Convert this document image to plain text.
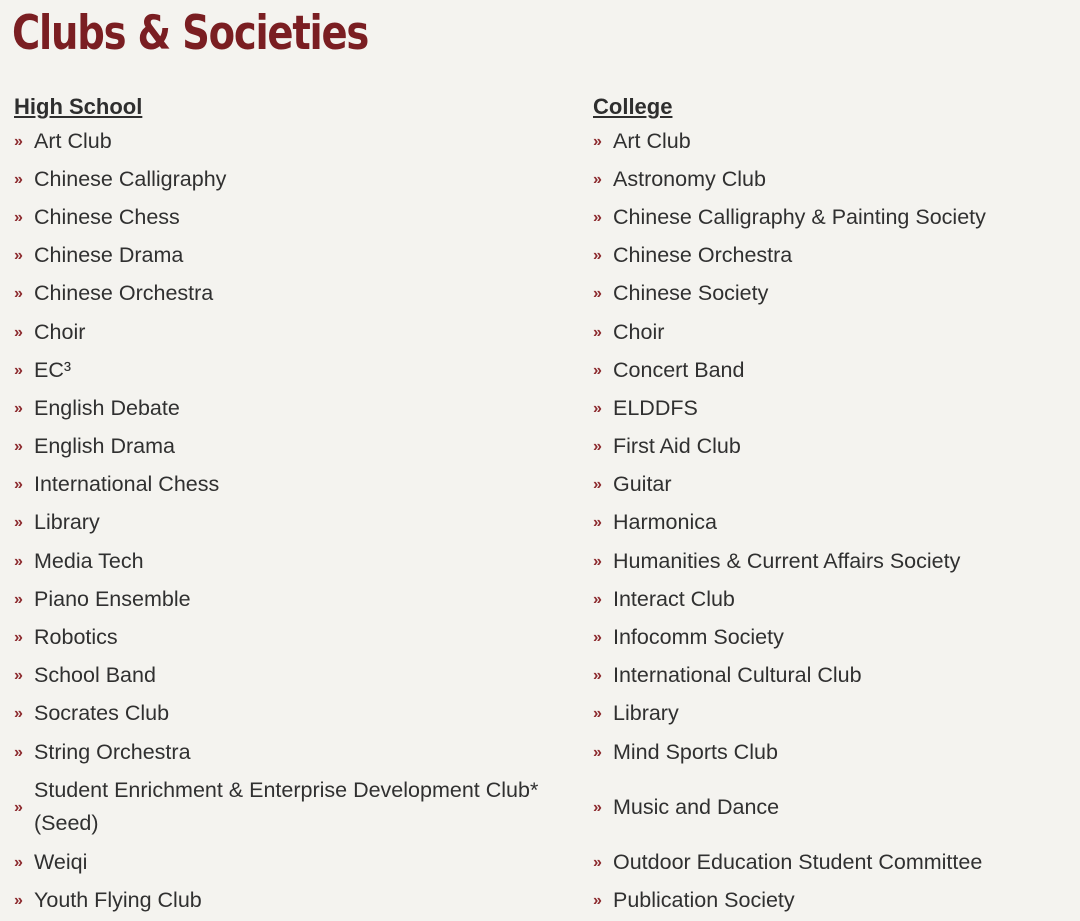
Clubs & Societies
High School
» Art Club
» Chinese Calligraphy
» Chinese Chess
» Chinese Drama
» Chinese Orchestra
» Choir
» EC³
» English Debate
» English Drama
» International Chess
» Library
» Media Tech
» Piano Ensemble
» Robotics
» School Band
» Socrates Club
» String Orchestra
»
Student Enrichment & Enterprise Development Club* (Seed)
» Weiqi
» Youth Flying Club
College
» Art Club
» Astronomy Club
» Chinese Calligraphy & Painting Society
» Chinese Orchestra
» Chinese Society
» Choir
» Concert Band
» ELDDFS
» First Aid Club
» Guitar
» Harmonica
» Humanities & Current Affairs Society
» Interact Club
» Infocomm Society
» International Cultural Club
» Library
» Mind Sports Club
» Music and Dance
» Outdoor Education Student Committee
» Publication Society
